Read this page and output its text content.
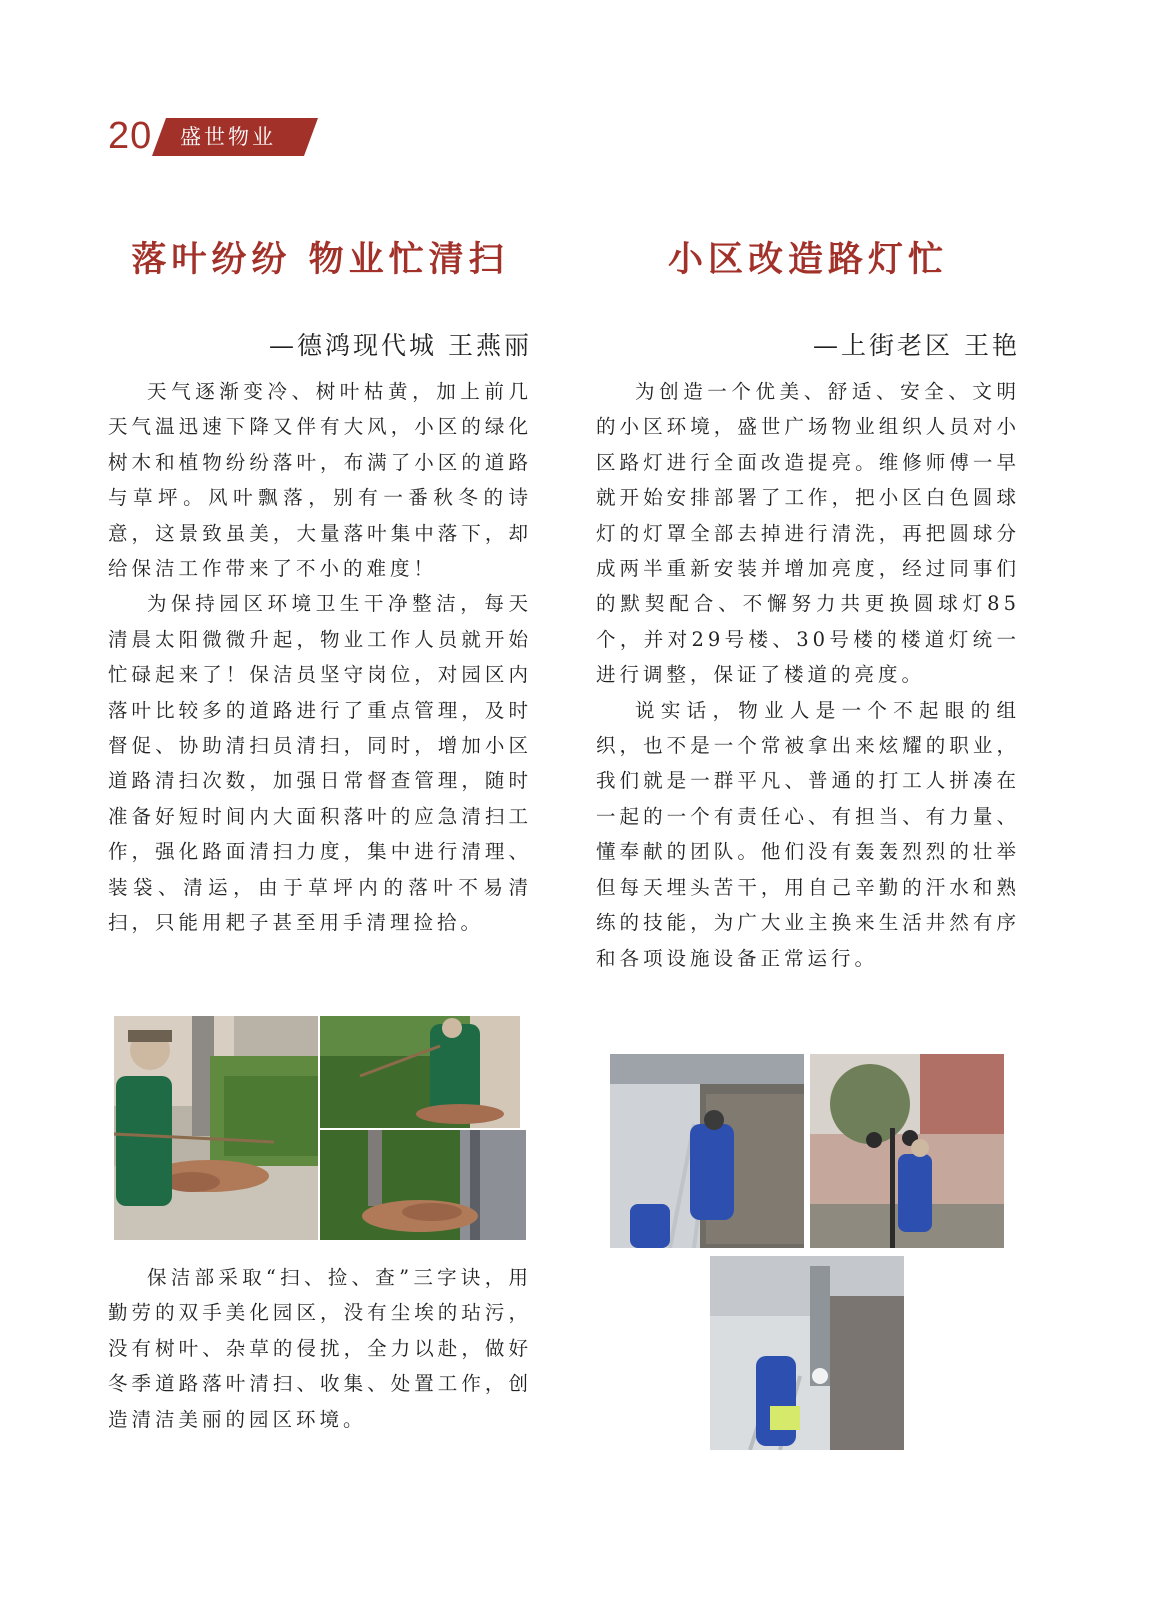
20 盛世物业
落叶纷纷 物业忙清扫
—德鸿现代城 王燕丽

天气逐渐变冷、树叶枯黄，加上前几天气温迅速下降又伴有大风，小区的绿化树木和植物纷纷落叶，布满了小区的道路与草坪。风叶飘落，别有一番秋冬的诗意，这景致虽美，大量落叶集中落下，却给保洁工作带来了不小的难度！

为保持园区环境卫生干净整洁，每天清晨太阳微微升起，物业工作人员就开始忙碌起来了！保洁员坚守岗位，对园区内落叶比较多的道路进行了重点管理，及时督促、协助清扫员清扫，同时，增加小区道路清扫次数，加强日常督查管理，随时准备好短时间内大面积落叶的应急清扫工作，强化路面清扫力度，集中进行清理、装袋、清运，由于草坪内的落叶不易清扫，只能用耙子甚至用手清理捡拾。

保洁部采取“扫、捡、查”三字诀，用勤劳的双手美化园区，没有尘埃的玷污，没有树叶、杂草的侵扰，全力以赴，做好冬季道路落叶清扫、收集、处置工作，创造清洁美丽的园区环境。

小区改造路灯忙
—上街老区 王艳

为创造一个优美、舒适、安全、文明的小区环境，盛世广场物业组织人员对小区路灯进行全面改造提亮。维修师傅一早就开始安排部署了工作，把小区白色圆球灯的灯罩全部去掉进行清洗，再把圆球分成两半重新安装并增加亮度，经过同事们的默契配合、不懈努力共更换圆球灯85个，并对29号楼、30号楼的楼道灯统一进行调整，保证了楼道的亮度。

说实话，物业人是一个不起眼的组织，也不是一个常被拿出来炫耀的职业，我们就是一群平凡、普通的打工人拼凑在一起的一个有责任心、有担当、有力量、懂奉献的团队。他们没有轰轰烈烈的壮举但每天埋头苦干，用自己辛勤的汗水和熟练的技能，为广大业主换来生活井然有序和各项设施设备正常运行。
